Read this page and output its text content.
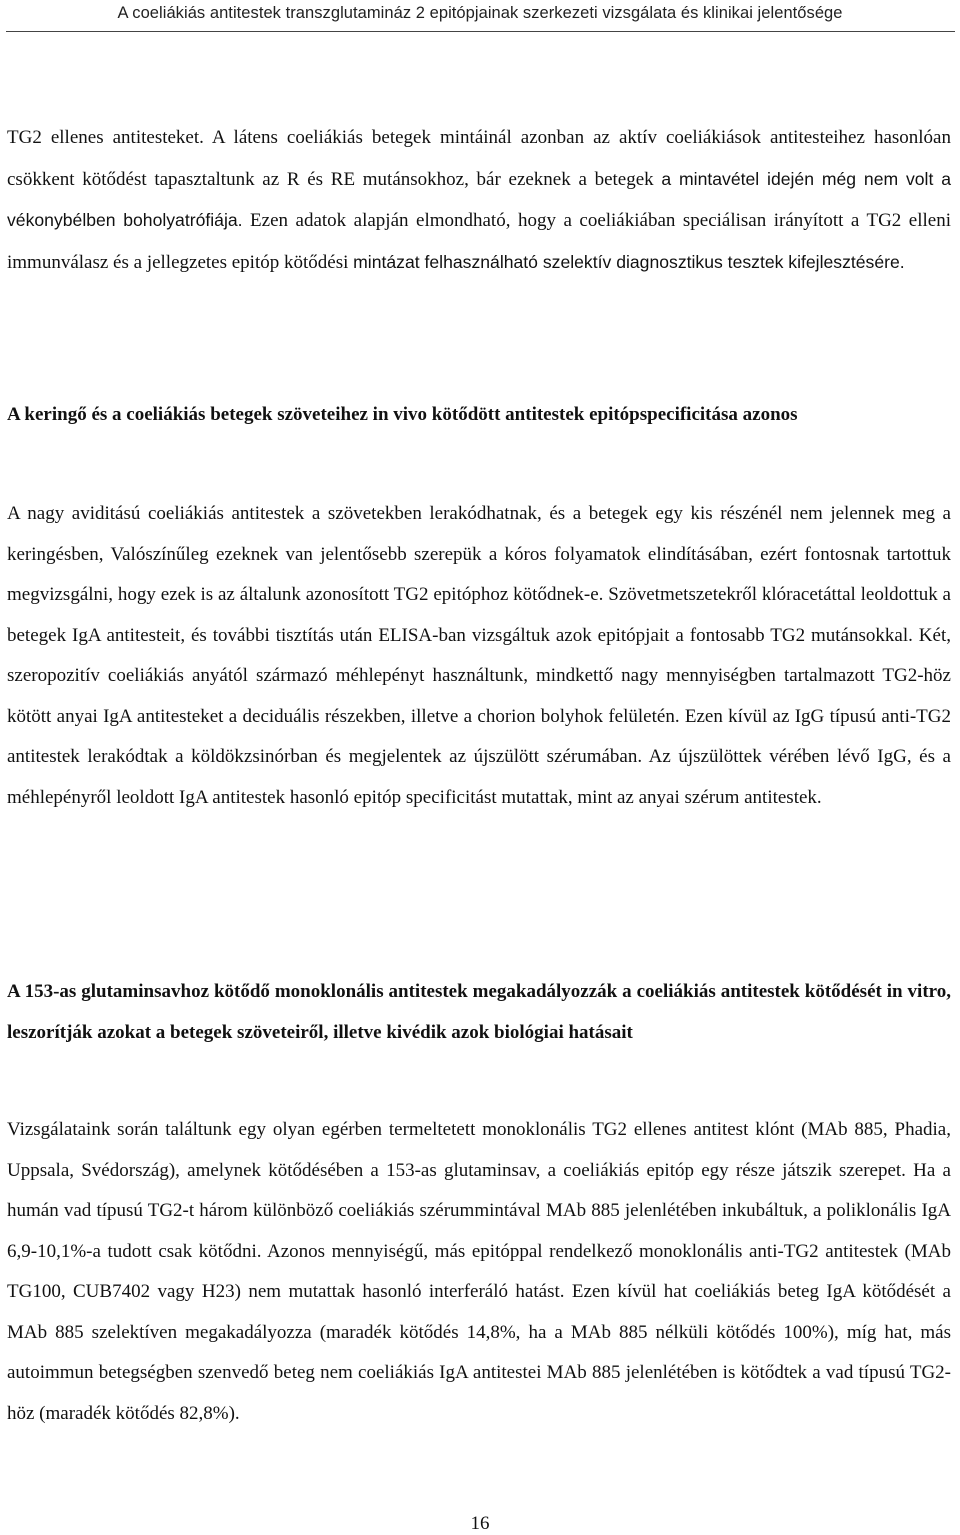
A coeliákiás antitestek transzglutamináz 2 epitópjainak szerkezeti vizsgálata és klinikai jelentősége

TG2 ellenes antitesteket. A látens coeliákiás betegek mintáinál azonban az aktív coeliákiások antitesteihez hasonlóan csökkent kötődést tapasztaltunk az R és RE mutánsokhoz, bár ezeknek a betegek a mintavétel idején még nem volt a vékonybélben boholyatrófiája. Ezen adatok alapján elmondható, hogy a coeliákiában speciálisan irányított a TG2 elleni immunválasz és a jellegzetes epitóp kötődési mintázat felhasználható szelektív diagnosztikus tesztek kifejlesztésére.

A keringő és a coeliákiás betegek szöveteihez in vivo kötődött antitestek epitópspecificitása azonos

A nagy aviditású coeliákiás antitestek a szövetekben lerakódhatnak, és a betegek egy kis részénél nem jelennek meg a keringésben, Valószínűleg ezeknek van jelentősebb szerepük a kóros folyamatok elindításában, ezért fontosnak tartottuk megvizsgálni, hogy ezek is az általunk azonosított TG2 epitóphoz kötődnek-e. Szövetmetszetekről klóracetáttal leoldottuk a betegek IgA antitesteit, és további tisztítás után ELISA-ban vizsgáltuk azok epitópjait a fontosabb TG2 mutánsokkal. Két, szeropozitív coeliákiás anyától származó méhlepényt használtunk, mindkettő nagy mennyiségben tartalmazott TG2-höz kötött anyai IgA antitesteket a deciduális részekben, illetve a chorion bolyhok felületén. Ezen kívül az IgG típusú anti-TG2 antitestek lerakódtak a köldökzsinórban és megjelentek az újszülött szérumában. Az újszülöttek vérében lévő IgG, és a méhlepényről leoldott IgA antitestek hasonló epitóp specificitást mutattak, mint az anyai szérum antitestek.

A 153-as glutaminsavhoz kötődő monoklonális antitestek megakadályozzák a coeliákiás antitestek kötődését in vitro, leszorítják azokat a betegek szöveteiről, illetve kivédik azok biológiai hatásait

Vizsgálataink során találtunk egy olyan egérben termeltetett monoklonális TG2 ellenes antitest klónt (MAb 885, Phadia, Uppsala, Svédország), amelynek kötődésében a 153-as glutaminsav, a coeliákiás epitóp egy része játszik szerepet. Ha a humán vad típusú TG2-t három különböző coeliákiás szérummintával MAb 885 jelenlétében inkubáltuk, a poliklonális IgA 6,9-10,1%-a tudott csak kötődni. Azonos mennyiségű, más epitóppal rendelkező monoklonális anti-TG2 antitestek (MAb TG100, CUB7402 vagy H23) nem mutattak hasonló interferáló hatást. Ezen kívül hat coeliákiás beteg IgA kötődését a MAb 885 szelektíven megakadályozza (maradék kötődés 14,8%, ha a MAb 885 nélküli kötődés 100%), míg hat, más autoimmun betegségben szenvedő beteg nem coeliákiás IgA antitestei MAb 885 jelenlétében is kötődtek a vad típusú TG2-höz (maradék kötődés 82,8%).

16
